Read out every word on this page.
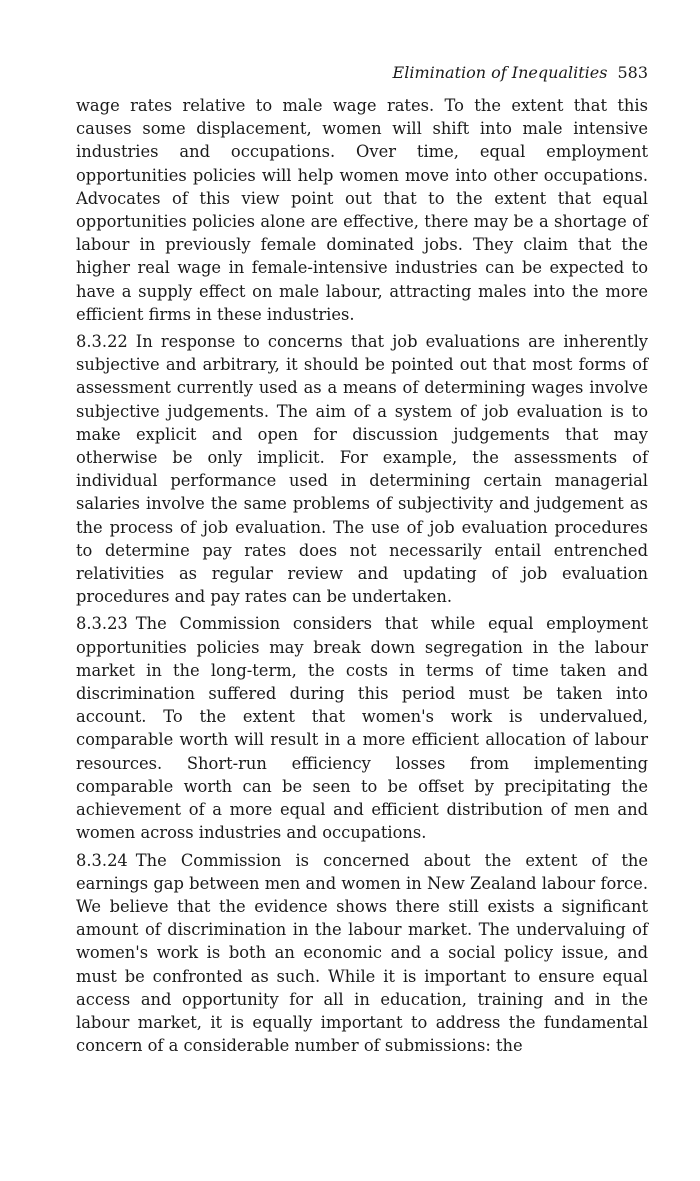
Elimination of Inequalities 583

wage rates relative to male wage rates. To the extent that this causes some displacement, women will shift into male intensive industries and occupations. Over time, equal employment opportunities policies will help women move into other occupations. Advocates of this view point out that to the extent that equal opportunities policies alone are effective, there may be a shortage of labour in previously female dominated jobs. They claim that the higher real wage in female-intensive industries can be expected to have a supply effect on male labour, attracting males into the more efficient firms in these industries.

8.3.22 In response to concerns that job evaluations are inherently subjective and arbitrary, it should be pointed out that most forms of assessment currently used as a means of determining wages involve subjective judgements. The aim of a system of job evaluation is to make explicit and open for discussion judgements that may otherwise be only implicit. For example, the assessments of individual performance used in determining certain managerial salaries involve the same problems of subjectivity and judgement as the process of job evaluation. The use of job evaluation procedures to determine pay rates does not necessarily entail entrenched relativities as regular review and updating of job evaluation procedures and pay rates can be undertaken.

8.3.23 The Commission considers that while equal employment opportunities policies may break down segregation in the labour market in the long-term, the costs in terms of time taken and discrimination suffered during this period must be taken into account. To the extent that women's work is undervalued, comparable worth will result in a more efficient allocation of labour resources. Short-run efficiency losses from implementing comparable worth can be seen to be offset by precipitating the achievement of a more equal and efficient distribution of men and women across industries and occupations.

8.3.24 The Commission is concerned about the extent of the earnings gap between men and women in New Zealand labour force. We believe that the evidence shows there still exists a significant amount of discrimination in the labour market. The undervaluing of women's work is both an economic and a social policy issue, and must be confronted as such. While it is important to ensure equal access and opportunity for all in education, training and in the labour market, it is equally important to address the fundamental concern of a considerable number of submissions: the
